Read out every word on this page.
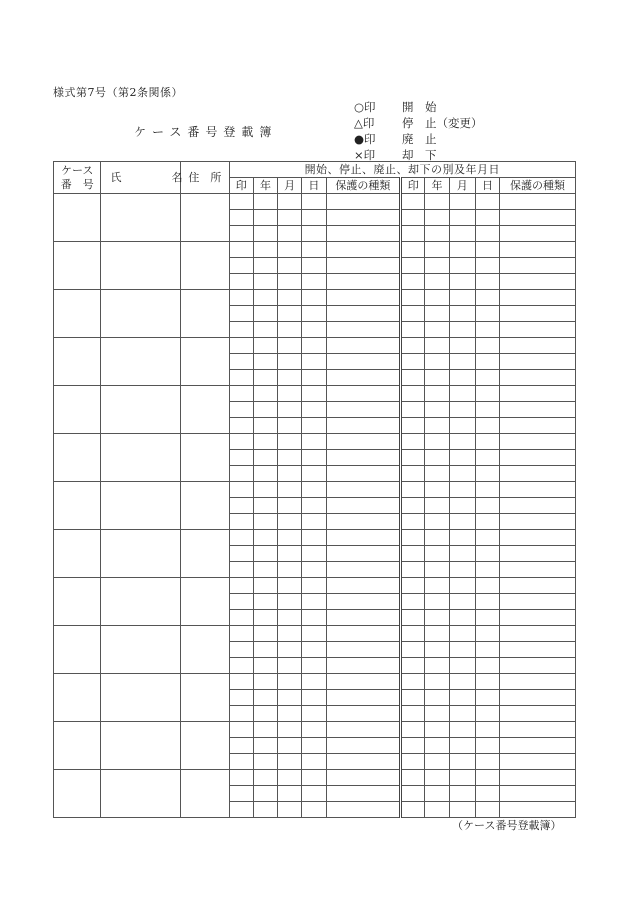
様式第7号（第2条関係）
ケース番号登載簿
○印	開　始
△印	停　止（変更）
●印	廃　止
×印	却　下
ケース
番　号	氏 名	住　所	開始、停止、廃止、却下の別及年月日									
			印	年	月	日	保護の種類	印	年	月	日	保護の種類

（ケース番号登載簿）
